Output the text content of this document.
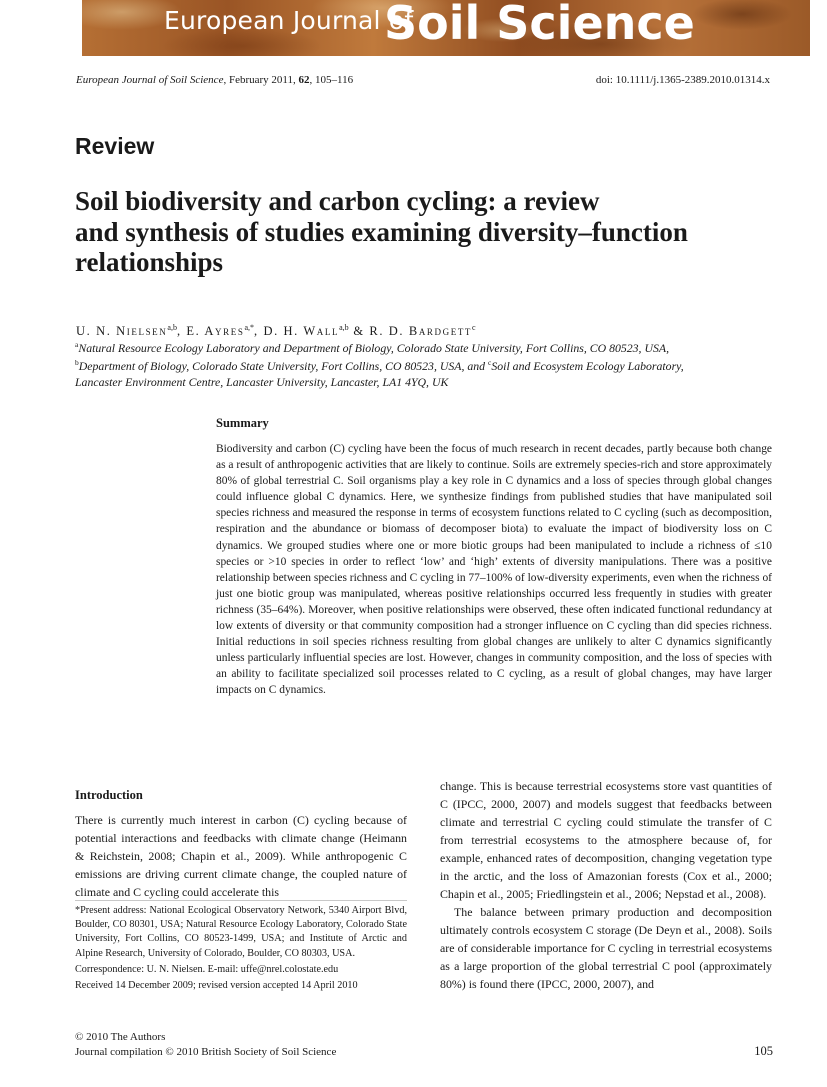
European Journal of
Soil Science
European Journal of Soil Science, February 2011, 62, 105–116	doi: 10.1111/j.1365-2389.2010.01314.x
Review
Soil biodiversity and carbon cycling: a review
and synthesis of studies examining diversity–function
relationships
U. N. Nielsen$^{a,b}$, E. Ayres$^{a,*}$, D. H. Wall$^{a,b}$ & R. D. Bardgett$^c$
$^a$Natural Resource Ecology Laboratory and Department of Biology, Colorado State University, Fort Collins, CO 80523, USA,
$^b$Department of Biology, Colorado State University, Fort Collins, CO 80523, USA, and $^c$Soil and Ecosystem Ecology Laboratory,
Lancaster Environment Centre, Lancaster University, Lancaster, LA1 4YQ, UK
Summary

Biodiversity and carbon (C) cycling have been the focus of much research in recent decades, partly because both change as a result of anthropogenic activities that are likely to continue. Soils are extremely species-rich and store approximately 80% of global terrestrial C. Soil organisms play a key role in C dynamics and a loss of species through global changes could influence global C dynamics. Here, we synthesize findings from published studies that have manipulated soil species richness and measured the response in terms of ecosystem functions related to C cycling (such as decomposition, respiration and the abundance or biomass of decomposer biota) to evaluate the impact of biodiversity loss on C dynamics. We grouped studies where one or more biotic groups had been manipulated to include a richness of ≤10 species or >10 species in order to reflect ‘low’ and ‘high’ extents of diversity manipulations. There was a positive relationship between species richness and C cycling in 77–100% of low-diversity experiments, even when the richness of just one biotic group was manipulated, whereas positive relationships occurred less frequently in studies with greater richness (35–64%). Moreover, when positive relationships were observed, these often indicated functional redundancy at low extents of diversity or that community composition had a stronger influence on C cycling than did species richness. Initial reductions in soil species richness resulting from global changes are unlikely to alter C dynamics significantly unless particularly influential species are lost. However, changes in community composition, and the loss of species with an ability to facilitate specialized soil processes related to C cycling, as a result of global changes, may have larger impacts on C dynamics.

Introduction

There is currently much interest in carbon (C) cycling because of potential interactions and feedbacks with climate change (Heimann & Reichstein, 2008; Chapin et al., 2009). While anthropogenic C emissions are driving current climate change, the coupled nature of climate and C cycling could accelerate this

*Present address: National Ecological Observatory Network, 5340 Airport Blvd, Boulder, CO 80301, USA; Natural Resource Ecology Laboratory, Colorado State University, Fort Collins, CO 80523-1499, USA; and Institute of Arctic and Alpine Research, University of Colorado, Boulder, CO 80303, USA.

Correspondence: U. N. Nielsen. E-mail: uffe@nrel.colostate.edu

Received 14 December 2009; revised version accepted 14 April 2010

change. This is because terrestrial ecosystems store vast quantities of C (IPCC, 2000, 2007) and models suggest that feedbacks between climate and terrestrial C cycling could stimulate the transfer of C from terrestrial ecosystems to the atmosphere because of, for example, enhanced rates of decomposition, changing vegetation type in the arctic, and the loss of Amazonian forests (Cox et al., 2000; Chapin et al., 2005; Friedlingstein et al., 2006; Nepstad et al., 2008).

The balance between primary production and decomposition ultimately controls ecosystem C storage (De Deyn et al., 2008). Soils are of considerable importance for C cycling in terrestrial ecosystems as a large proportion of the global terrestrial C pool (approximately 80%) is found there (IPCC, 2000, 2007), and

© 2010 The Authors
Journal compilation © 2010 British Society of Soil Science	105
